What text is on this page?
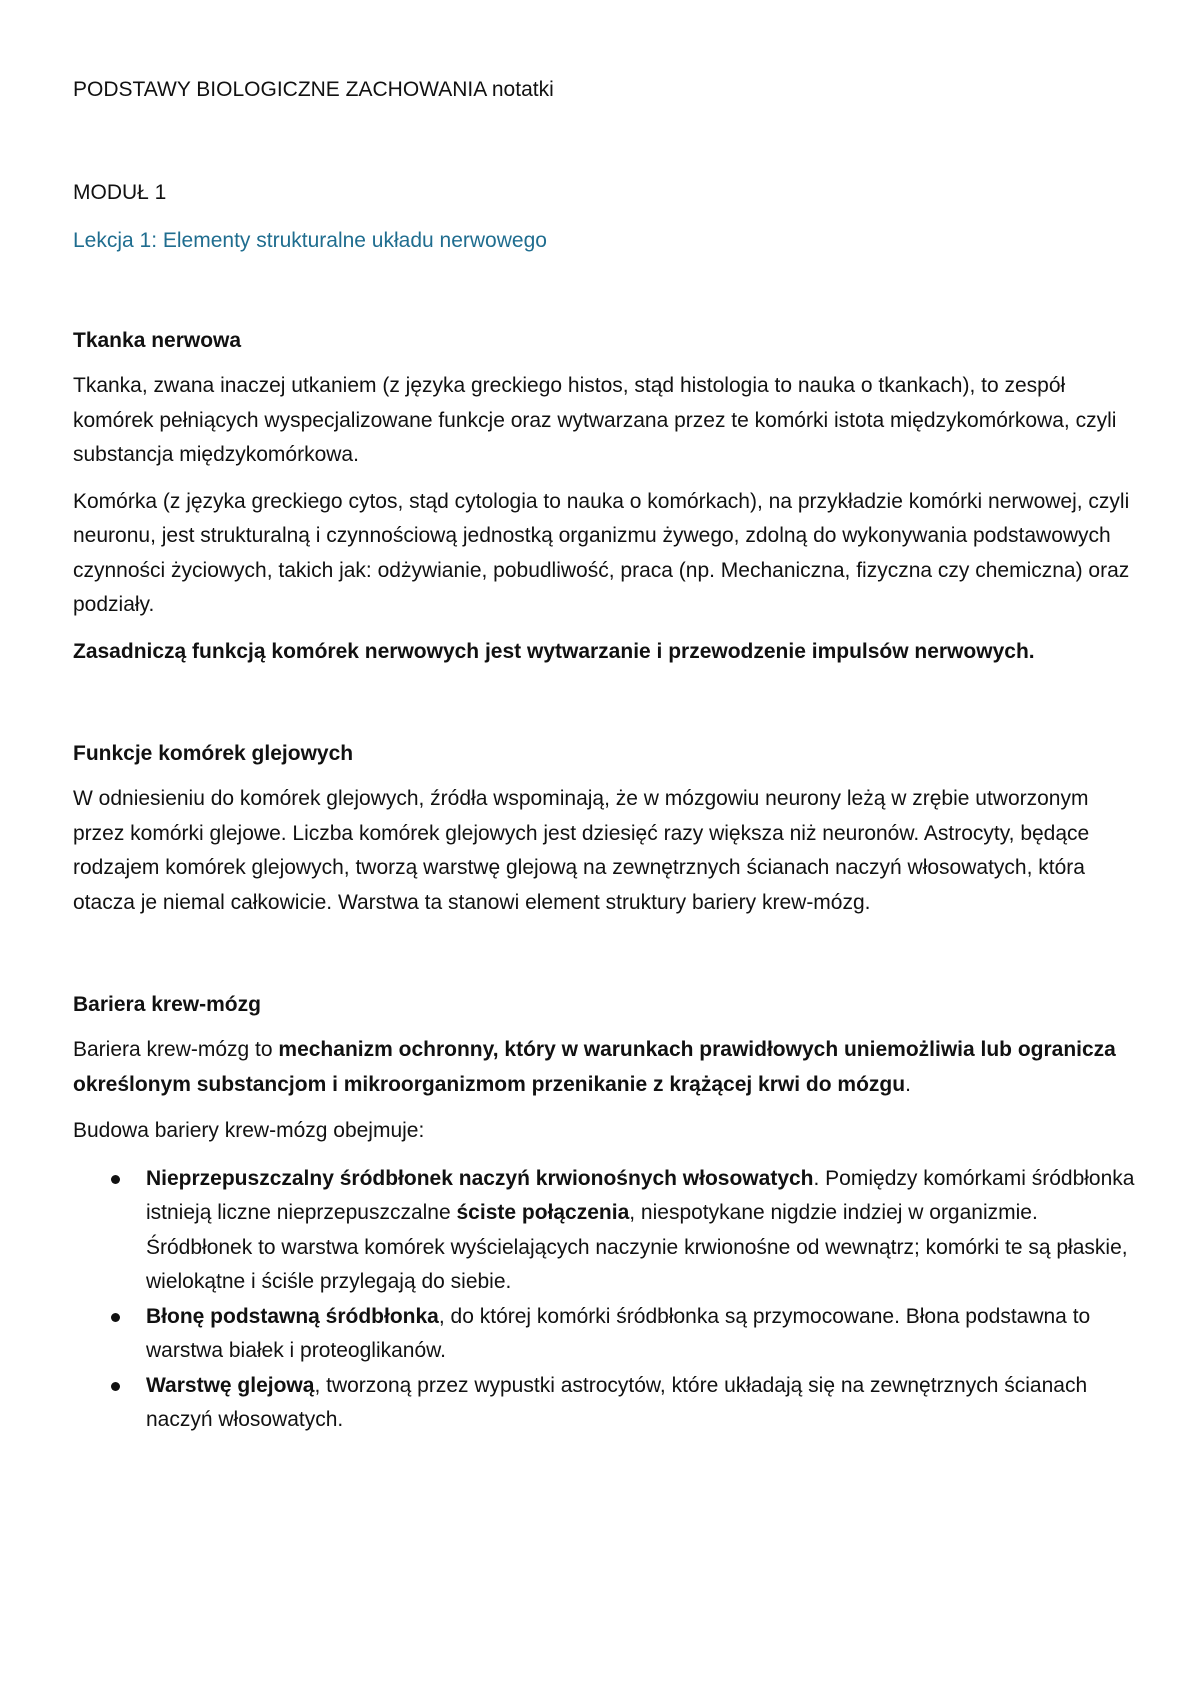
PODSTAWY BIOLOGICZNE ZACHOWANIA notatki

MODUŁ 1

Lekcja 1: Elementy strukturalne układu nerwowego

Tkanka nerwowa

Tkanka, zwana inaczej utkaniem (z języka greckiego histos, stąd histologia to nauka o tkankach), to zespół komórek pełniących wyspecjalizowane funkcje oraz wytwarzana przez te komórki istota międzykomórkowa, czyli substancja międzykomórkowa.

Komórka (z języka greckiego cytos, stąd cytologia to nauka o komórkach), na przykładzie komórki nerwowej, czyli neuronu, jest strukturalną i czynnościową jednostką organizmu żywego, zdolną do wykonywania podstawowych czynności życiowych, takich jak: odżywianie, pobudliwość, praca (np. Mechaniczna, fizyczna czy chemiczna) oraz podziały.

Zasadniczą funkcją komórek nerwowych jest wytwarzanie i przewodzenie impulsów nerwowych.

Funkcje komórek glejowych

W odniesieniu do komórek glejowych, źródła wspominają, że w mózgowiu neurony leżą w zrębie utworzonym przez komórki glejowe. Liczba komórek glejowych jest dziesięć razy większa niż neuronów. Astrocyty, będące rodzajem komórek glejowych, tworzą warstwę glejową na zewnętrznych ścianach naczyń włosowatych, która otacza je niemal całkowicie. Warstwa ta stanowi element struktury bariery krew-mózg.

Bariera krew-mózg

Bariera krew-mózg to mechanizm ochronny, który w warunkach prawidłowych uniemożliwia lub ogranicza określonym substancjom i mikroorganizmom przenikanie z krążącej krwi do mózgu.

Budowa bariery krew-mózg obejmuje:

Nieprzepuszczalny śródbłonek naczyń krwionośnych włosowatych. Pomiędzy komórkami śródbłonka istnieją liczne nieprzepuszczalne ściste połączenia, niespotykane nigdzie indziej w organizmie. Śródbłonek to warstwa komórek wyścielających naczynie krwionośne od wewnątrz; komórki te są płaskie, wielokątne i ściśle przylegają do siebie.
Błonę podstawną śródbłonka, do której komórki śródbłonka są przymocowane. Błona podstawna to warstwa białek i proteoglikanów.
Warstwę glejową, tworzoną przez wypustki astrocytów, które układają się na zewnętrznych ścianach naczyń włosowatych.
